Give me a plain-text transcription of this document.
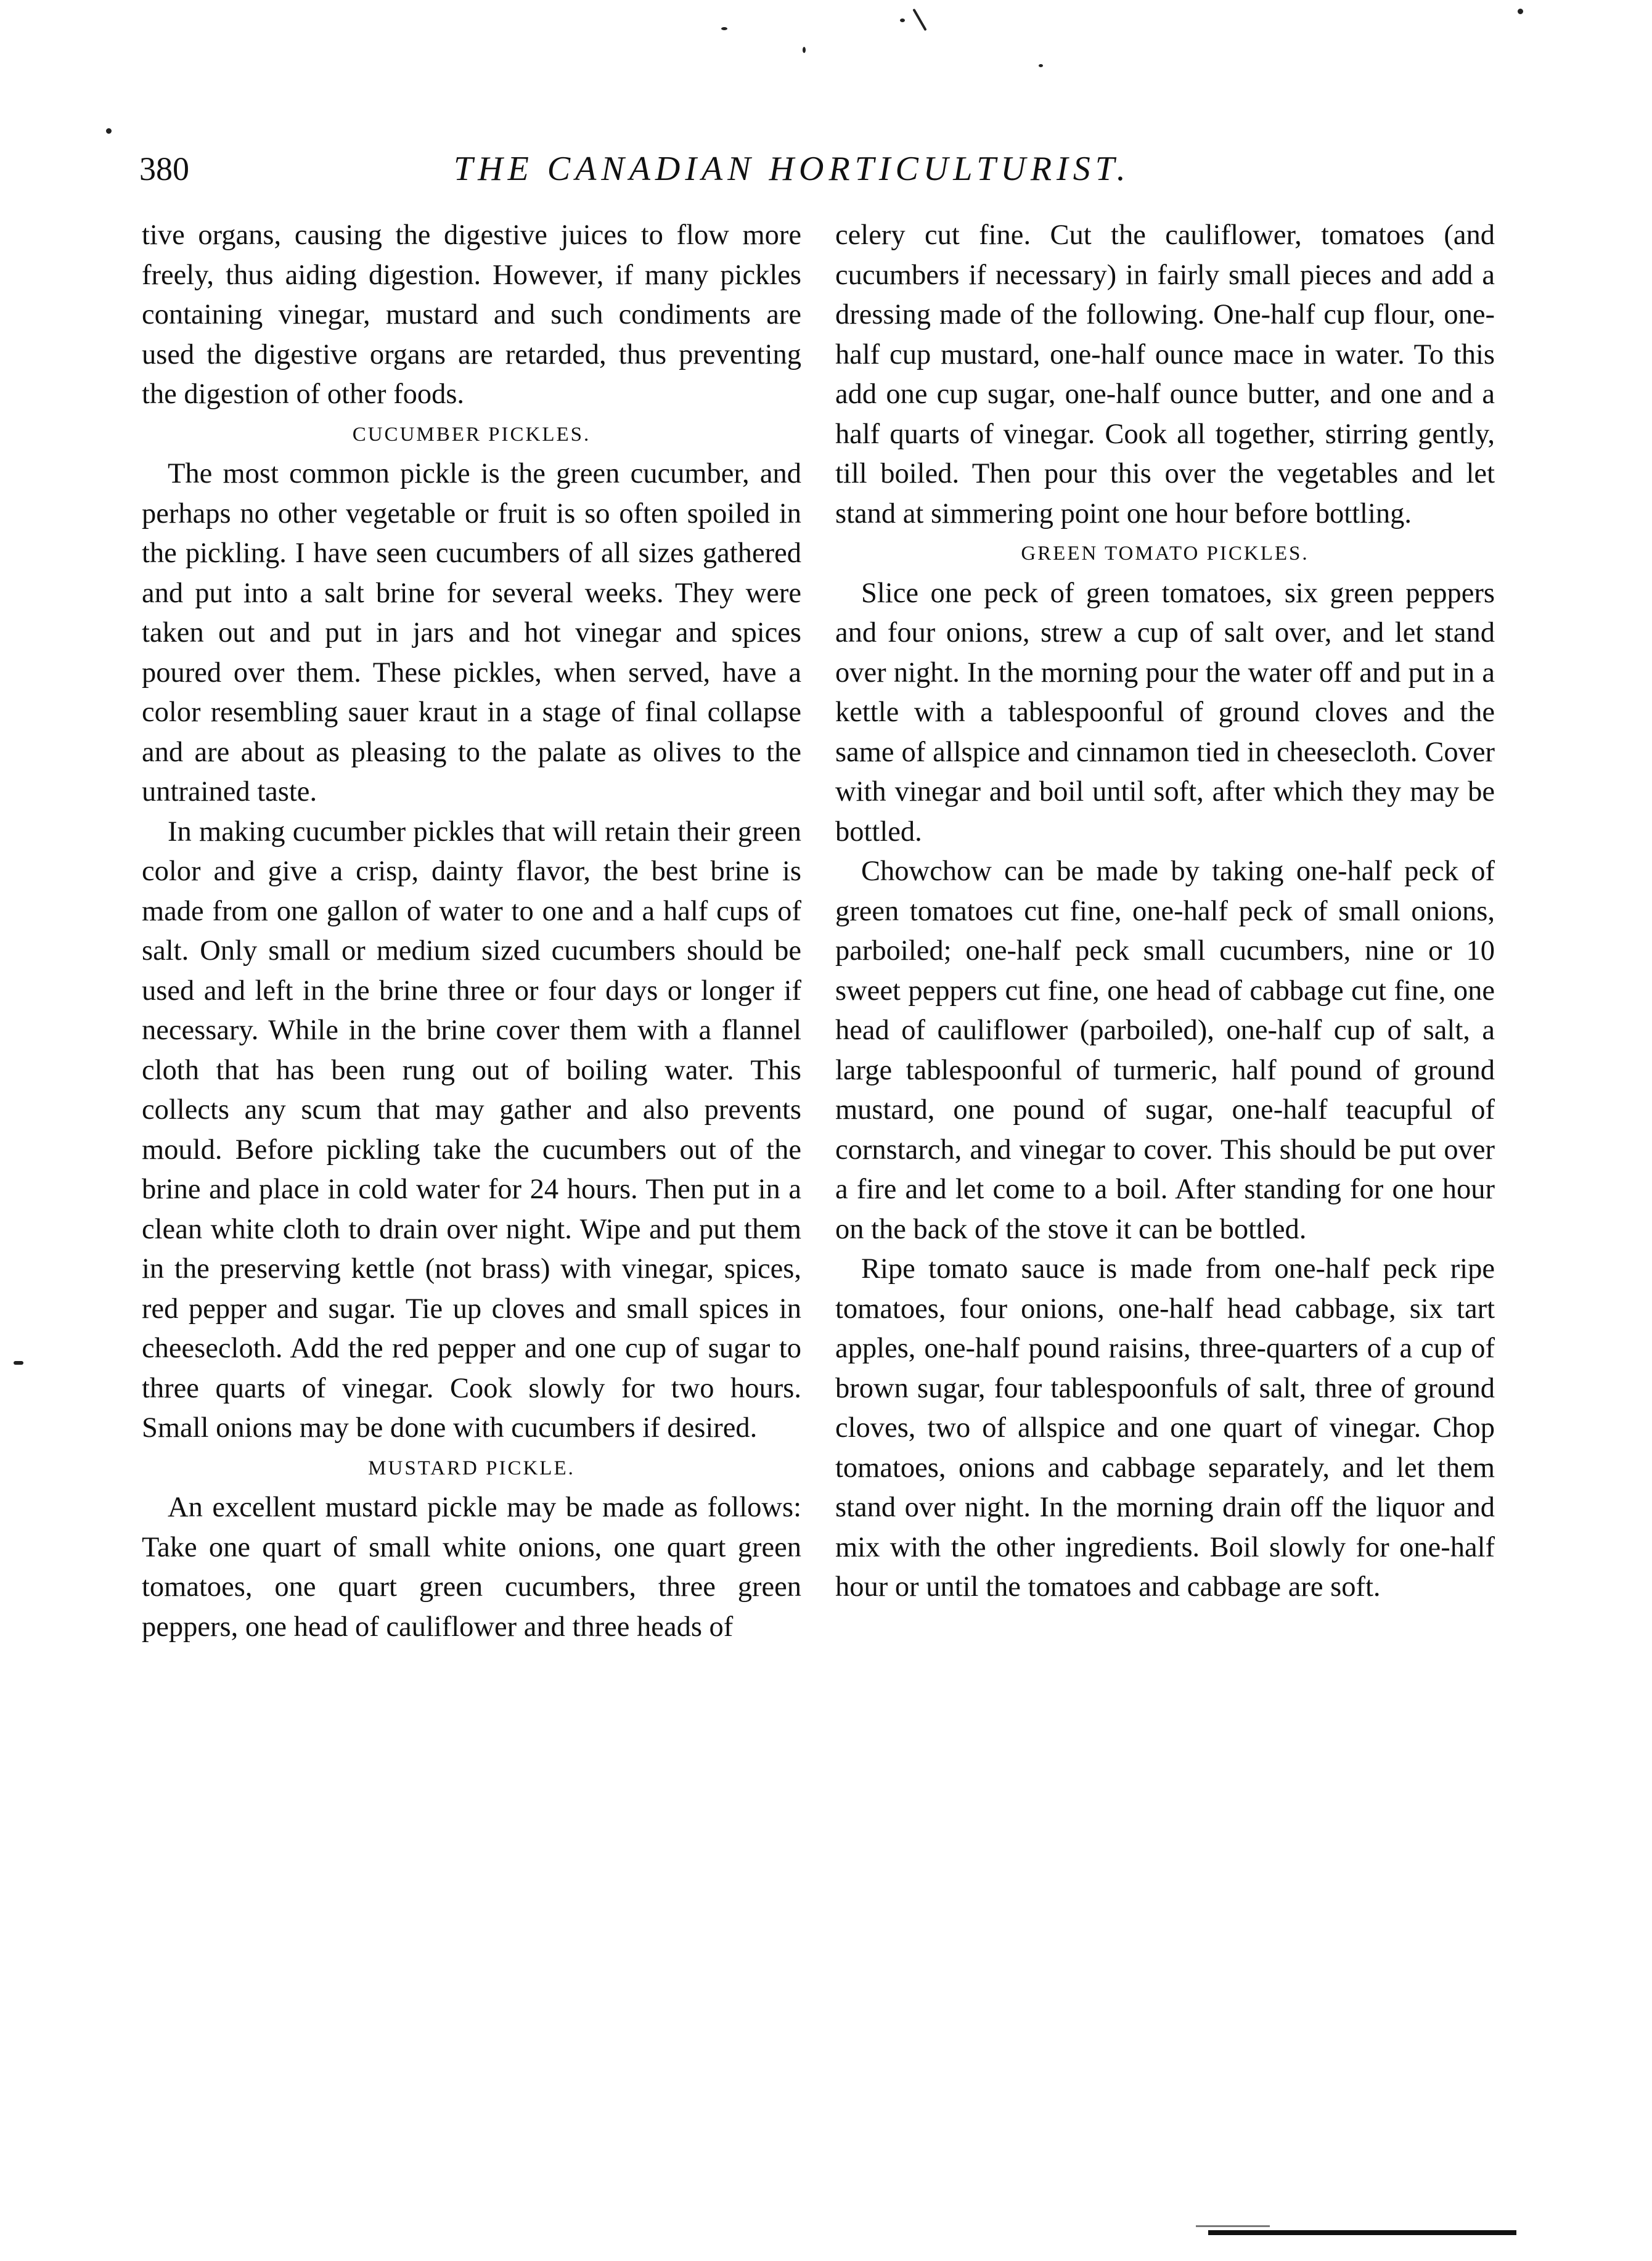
380	THE CANADIAN HORTICULTURIST.

tive organs, causing the digestive juices to flow more freely, thus aiding digestion. However, if many pickles containing vinegar, mustard and such condiments are used the digestive organs are retarded, thus preventing the digestion of other foods.

CUCUMBER PICKLES.

The most common pickle is the green cucumber, and perhaps no other vegetable or fruit is so often spoiled in the pickling. I have seen cucumbers of all sizes gathered and put into a salt brine for several weeks. They were taken out and put in jars and hot vinegar and spices poured over them. These pickles, when served, have a color resembling sauer kraut in a stage of final collapse and are about as pleasing to the palate as olives to the untrained taste.

In making cucumber pickles that will retain their green color and give a crisp, dainty flavor, the best brine is made from one gallon of water to one and a half cups of salt. Only small or medium sized cucumbers should be used and left in the brine three or four days or longer if necessary. While in the brine cover them with a flannel cloth that has been rung out of boiling water. This collects any scum that may gather and also prevents mould. Before pickling take the cucumbers out of the brine and place in cold water for 24 hours. Then put in a clean white cloth to drain over night. Wipe and put them in the preserving kettle (not brass) with vinegar, spices, red pepper and sugar. Tie up cloves and small spices in cheesecloth. Add the red pepper and one cup of sugar to three quarts of vinegar. Cook slowly for two hours. Small onions may be done with cucumbers if desired.

MUSTARD PICKLE.

An excellent mustard pickle may be made as follows: Take one quart of small white onions, one quart green tomatoes, one quart green cucumbers, three green peppers, one head of cauliflower and three heads of

celery cut fine. Cut the cauliflower, tomatoes (and cucumbers if necessary) in fairly small pieces and add a dressing made of the following. One-half cup flour, one-half cup mustard, one-half ounce mace in water. To this add one cup sugar, one-half ounce butter, and one and a half quarts of vinegar. Cook all together, stirring gently, till boiled. Then pour this over the vegetables and let stand at simmering point one hour before bottling.

GREEN TOMATO PICKLES.

Slice one peck of green tomatoes, six green peppers and four onions, strew a cup of salt over, and let stand over night. In the morning pour the water off and put in a kettle with a tablespoonful of ground cloves and the same of allspice and cinnamon tied in cheesecloth. Cover with vinegar and boil until soft, after which they may be bottled.

Chowchow can be made by taking one-half peck of green tomatoes cut fine, one-half peck of small onions, parboiled; one-half peck small cucumbers, nine or 10 sweet peppers cut fine, one head of cabbage cut fine, one head of cauliflower (parboiled), one-half cup of salt, a large tablespoonful of turmeric, half pound of ground mustard, one pound of sugar, one-half teacupful of cornstarch, and vinegar to cover. This should be put over a fire and let come to a boil. After standing for one hour on the back of the stove it can be bottled.

Ripe tomato sauce is made from one-half peck ripe tomatoes, four onions, one-half head cabbage, six tart apples, one-half pound raisins, three-quarters of a cup of brown sugar, four tablespoonfuls of salt, three of ground cloves, two of allspice and one quart of vinegar. Chop tomatoes, onions and cabbage separately, and let them stand over night. In the morning drain off the liquor and mix with the other ingredients. Boil slowly for one-half hour or until the tomatoes and cabbage are soft.
